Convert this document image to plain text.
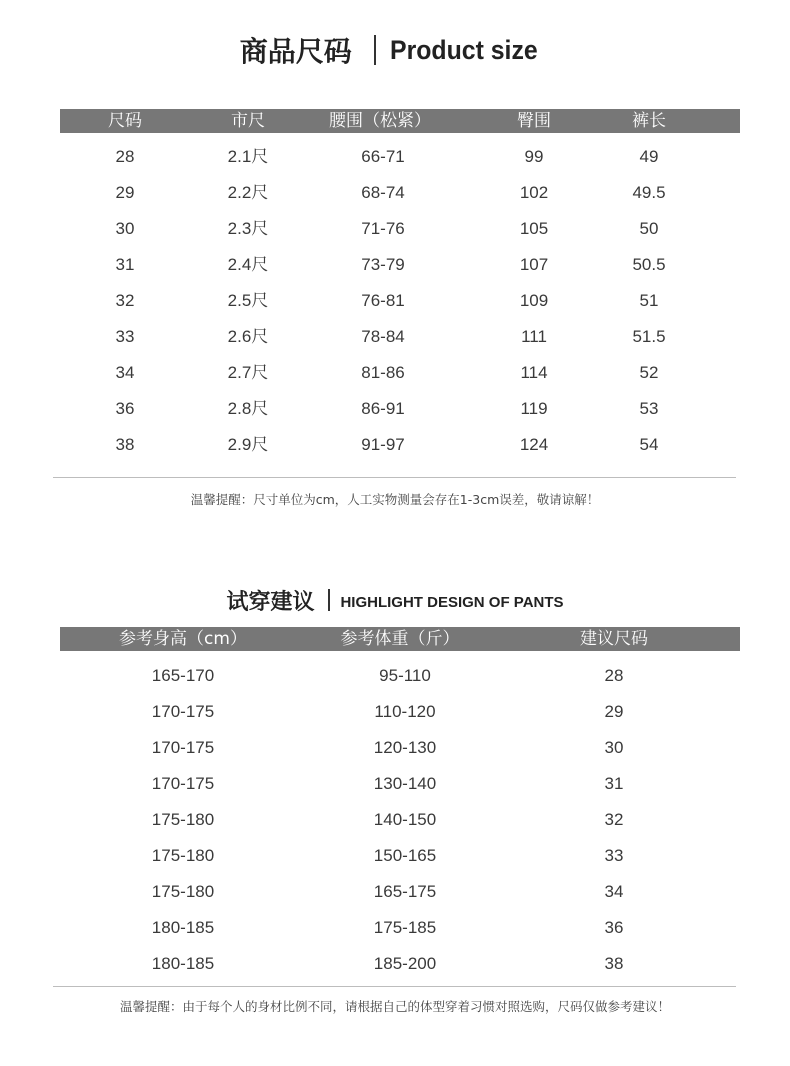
商品尺码 Product size
尺码	市尺	腰围（松紧）	臀围	裤长
28	2.1尺	66-71	99	49
29	2.2尺	68-74	102	49.5
30	2.3尺	71-76	105	50
31	2.4尺	73-79	107	50.5
32	2.5尺	76-81	109	51
33	2.6尺	78-84	111	51.5
34	2.7尺	81-86	114	52
36	2.8尺	86-91	119	53
38	2.9尺	91-97	124	54
温馨提醒：尺寸单位为cm，人工实物测量会存在1-3cm误差，敬请谅解！
试穿建议 HIGHLIGHT DESIGN OF PANTS
参考身高（cm）	参考体重（斤）	建议尺码
165-170	95-110	28
170-175	110-120	29
170-175	120-130	30
170-175	130-140	31
175-180	140-150	32
175-180	150-165	33
175-180	165-175	34
180-185	175-185	36
180-185	185-200	38
温馨提醒：由于每个人的身材比例不同，请根据自己的体型穿着习惯对照选购，尺码仅做参考建议！
